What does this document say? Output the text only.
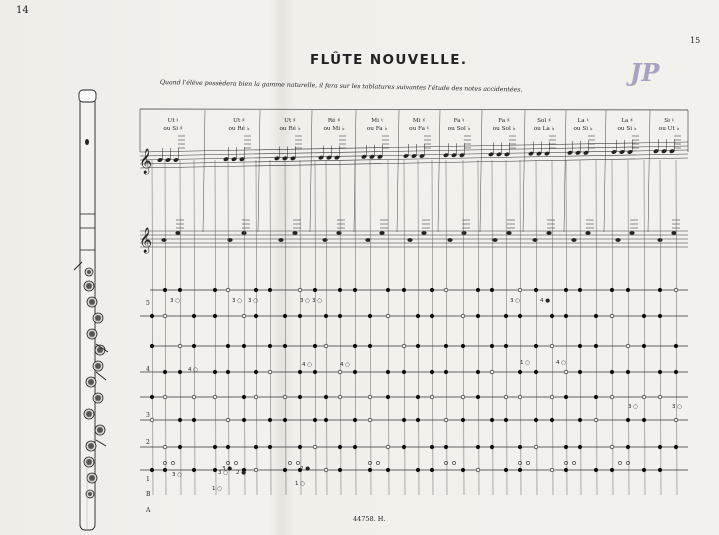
14
15
FLÛTE NOUVELLE.
Quand l'élève possèdera bien la gamme naturelle, il fera sur les tablatures suivantes l'étude des notes accidentées.	JP
44758. H.
𝄞
𝄞
3 ○	3 ○ 3 ○	3 ○ 3 ○	3 ○	4 ●
4 ○
1 ○
4 ○
4 ○	4 ○
3 ○	3 ○
3 ○	3 ○
2 ●
3 ●
1 ○
1 ○
2 ●
Ut ♮
ou Si ♯
Ut ♯
ou Ré ♭
Ut ♯
ou Ré ♭
Ré ♯
ou Mi ♭
Mi ♮
ou Fa ♭
Mi ♯
ou Fa ♮
Fa ♮
ou Sol ♭
Fa ♯
ou Sol ♭
Sol ♯
ou La ♭
La ♮
ou Si ♭
La ♯
ou Si ♭
Si ♮
ou Ut ♭
5
4
3
2
1
B
A
